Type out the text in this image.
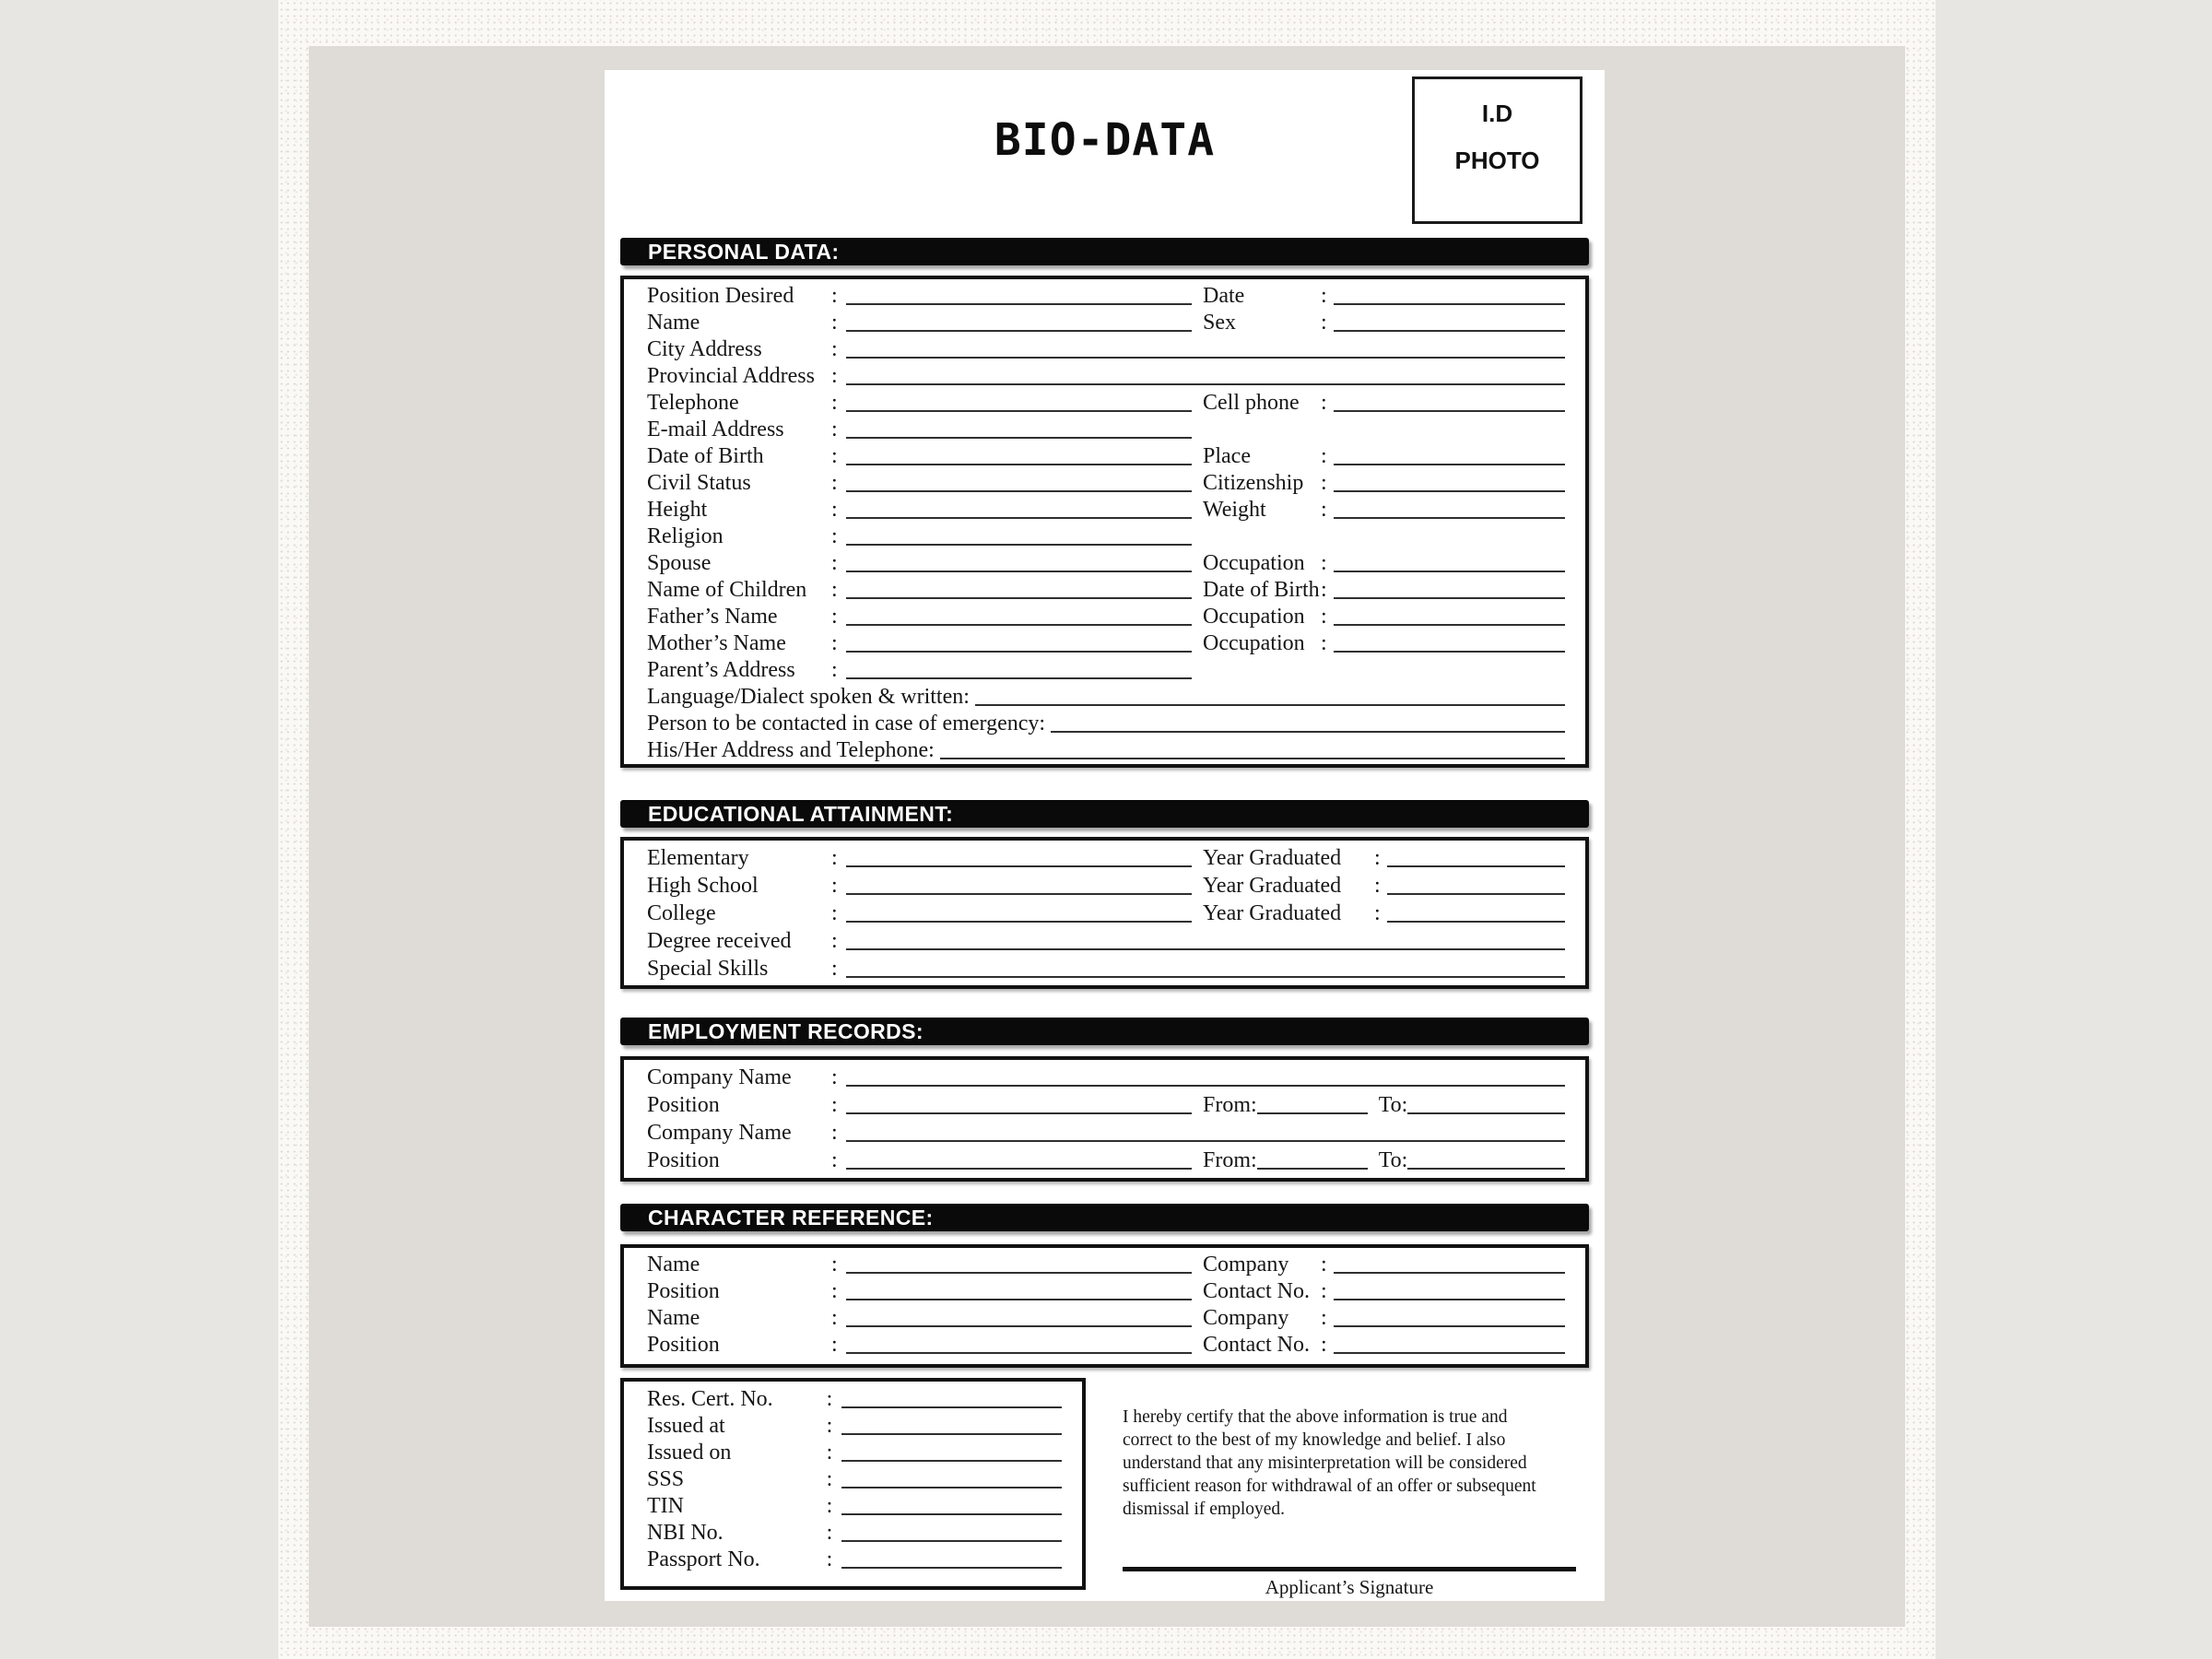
BIO-DATA
I.D
PHOTO
PERSONAL DATA:
Position Desired	:	Date	:
Name	:	Sex	:
City Address	:
Provincial Address :
Telephone	:	Cell phone :
E-mail Address	:
Date of Birth	:	Place	:
Civil Status	:	Citizenship :
Height	:	Weight	:
Religion	:
Spouse	:	Occupation :
Name of Children	:	Date of Birth :
Father’s Name	:	Occupation :
Mother’s Name	:	Occupation :
Parent’s Address	:
Language/Dialect spoken & written:
Person to be contacted in case of emergency:
His/Her Address and Telephone:
EDUCATIONAL ATTAINMENT:
Elementary	:	Year Graduated	:
High School	:	Year Graduated	:
College	:	Year Graduated	:
Degree received	:
Special Skills	:
EMPLOYMENT RECORDS:
Company Name	:
Position	:	From:	To:
Company Name	:
Position	:	From:	To:
CHARACTER REFERENCE:
Name	:	Company	:
Position	:	Contact No. :
Name	:	Company	:
Position	:	Contact No. :
Res. Cert. No.	:
Issued at	:
Issued on	:
SSS	:
TIN	:
NBI No.	:
Passport No.	:
I hereby certify that the above information is true and
correct to the best of my knowledge and belief. I also
understand that any misinterpretation will be considered
sufficient reason for withdrawal of an offer or subsequent
dismissal if employed.
Applicant’s Signature
